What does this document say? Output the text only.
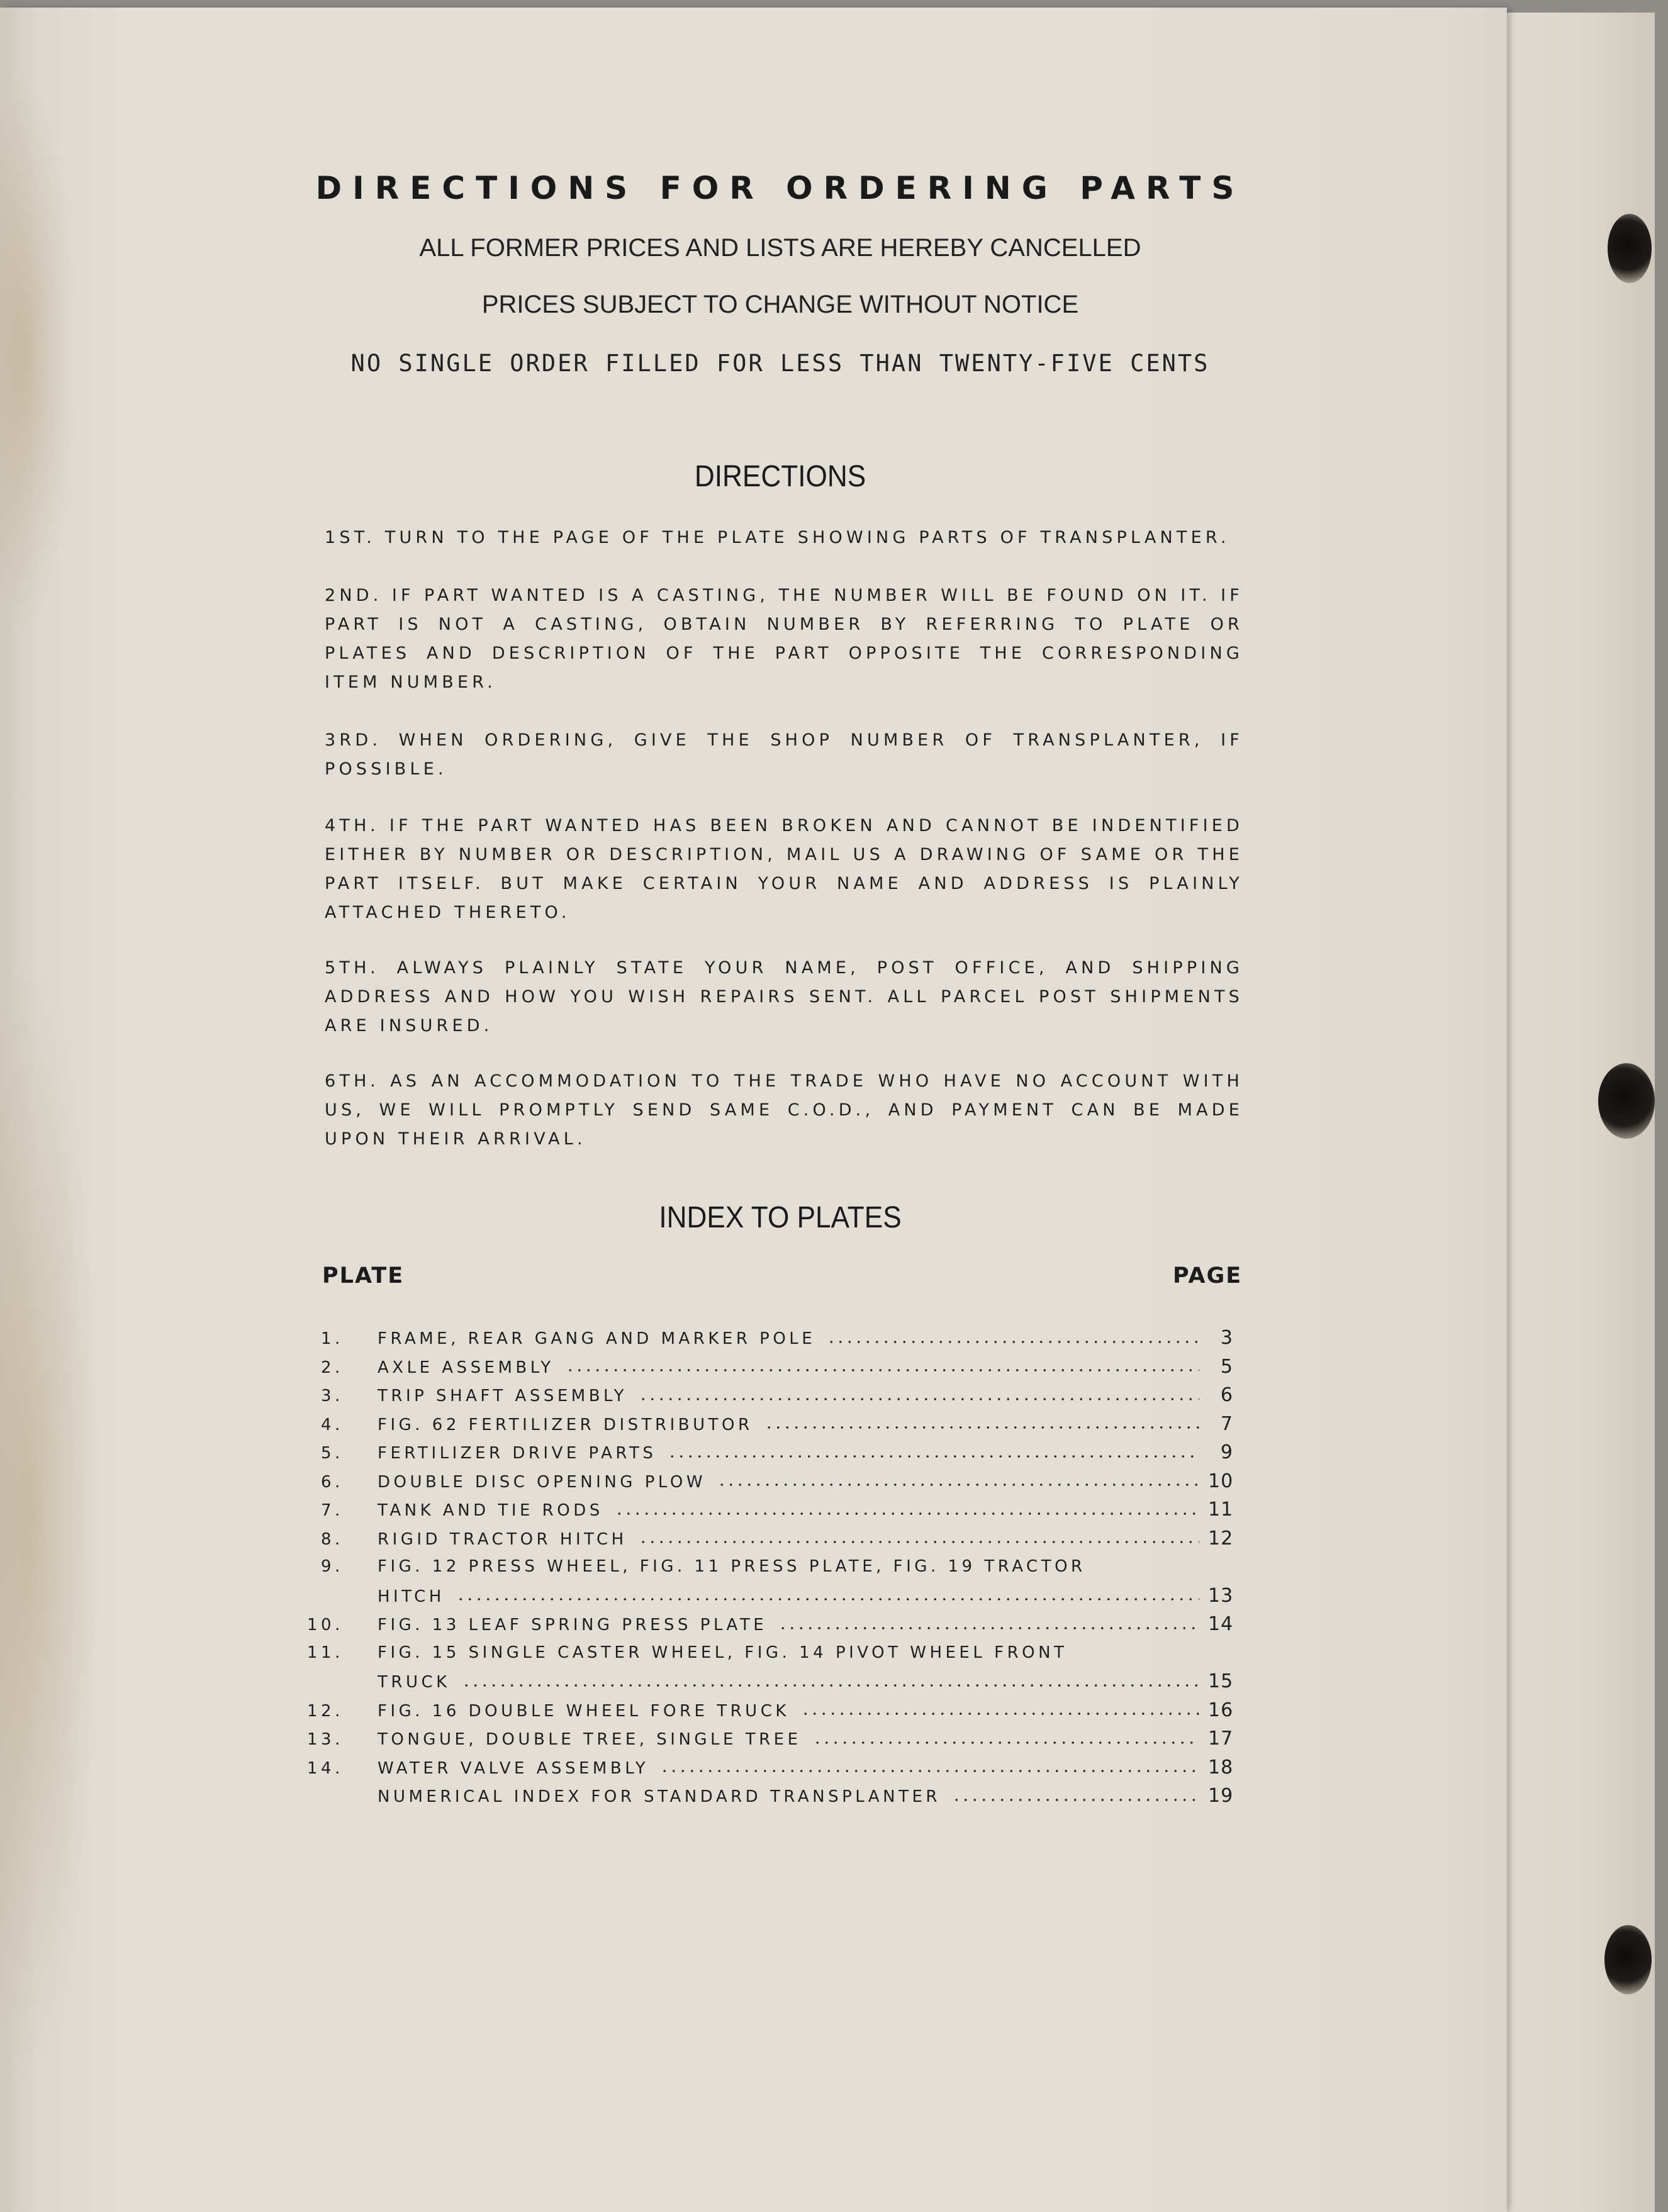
DIRECTIONS FOR ORDERING PARTS
ALL FORMER PRICES AND LISTS ARE HEREBY CANCELLED
PRICES SUBJECT TO CHANGE WITHOUT NOTICE
NO SINGLE ORDER FILLED FOR LESS THAN TWENTY-FIVE CENTS
DIRECTIONS
1ST. TURN TO THE PAGE OF THE PLATE SHOWING PARTS OF TRANSPLANTER.
2ND. IF PART WANTED IS A CASTING, THE NUMBER WILL BE FOUND ON IT. IF PART IS NOT A CASTING, OBTAIN NUMBER BY REFERRING TO PLATE OR PLATES AND DESCRIPTION OF THE PART OPPOSITE THE CORRESPONDING ITEM NUMBER.
3RD. WHEN ORDERING, GIVE THE SHOP NUMBER OF TRANSPLANTER, IF POSSIBLE.
4TH. IF THE PART WANTED HAS BEEN BROKEN AND CANNOT BE INDENTIFIED EITHER BY NUMBER OR DESCRIPTION, MAIL US A DRAWING OF SAME OR THE PART ITSELF. BUT MAKE CERTAIN YOUR NAME AND ADDRESS IS PLAINLY ATTACHED THERETO.
5TH. ALWAYS PLAINLY STATE YOUR NAME, POST OFFICE, AND SHIPPING ADDRESS AND HOW YOU WISH REPAIRS SENT. ALL PARCEL POST SHIPMENTS ARE INSURED.
6TH. AS AN ACCOMMODATION TO THE TRADE WHO HAVE NO ACCOUNT WITH US, WE WILL PROMPTLY SEND SAME C.O.D., AND PAYMENT CAN BE MADE UPON THEIR ARRIVAL.
INDEX TO PLATES
PLATE	PAGE
1.	FRAME, REAR GANG AND MARKER POLE	3
2.	AXLE ASSEMBLY	5
3.	TRIP SHAFT ASSEMBLY	6
4.	FIG. 62 FERTILIZER DISTRIBUTOR	7
5.	FERTILIZER DRIVE PARTS	9
6.	DOUBLE DISC OPENING PLOW	10
7.	TANK AND TIE RODS	11
8.	RIGID TRACTOR HITCH	12
9.	FIG. 12 PRESS WHEEL, FIG. 11 PRESS PLATE, FIG. 19 TRACTOR
HITCH	13
10.	FIG. 13 LEAF SPRING PRESS PLATE	14
11.	FIG. 15 SINGLE CASTER WHEEL, FIG. 14 PIVOT WHEEL FRONT
TRUCK	15
12.	FIG. 16 DOUBLE WHEEL FORE TRUCK	16
13.	TONGUE, DOUBLE TREE, SINGLE TREE	17
14.	WATER VALVE ASSEMBLY	18
NUMERICAL INDEX FOR STANDARD TRANSPLANTER	19
